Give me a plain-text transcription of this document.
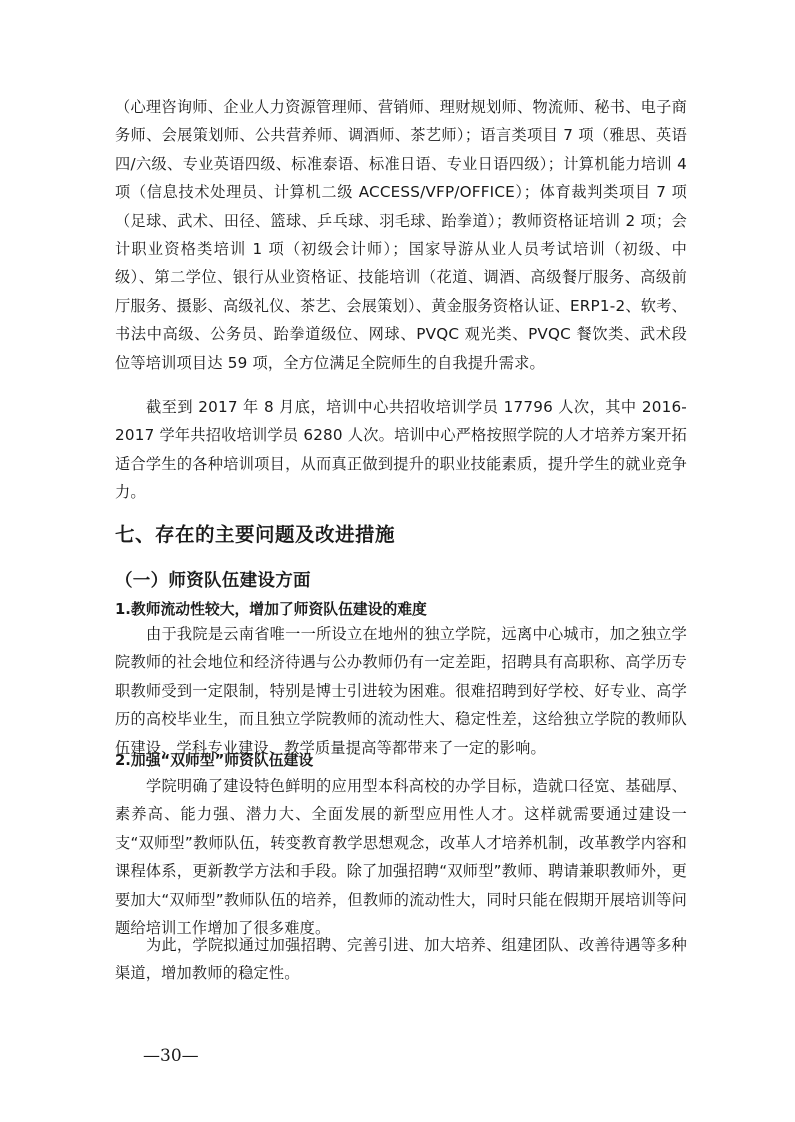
（心理咨询师、企业人力资源管理师、营销师、理财规划师、物流师、秘书、电子商务师、会展策划师、公共营养师、调酒师、茶艺师）；语言类项目 7 项（雅思、英语四/六级、专业英语四级、标准泰语、标准日语、专业日语四级）；计算机能力培训 4 项（信息技术处理员、计算机二级 ACCESS/VFP/OFFICE）；体育裁判类项目 7 项（足球、武术、田径、篮球、乒乓球、羽毛球、跆拳道）；教师资格证培训 2 项；会计职业资格类培训 1 项（初级会计师）；国家导游从业人员考试培训（初级、中级）、第二学位、银行从业资格证、技能培训（花道、调酒、高级餐厅服务、高级前厅服务、摄影、高级礼仪、茶艺、会展策划）、黄金服务资格认证、ERP1-2、软考、书法中高级、公务员、跆拳道级位、网球、PVQC 观光类、PVQC 餐饮类、武术段位等培训项目达 59 项，全方位满足全院师生的自我提升需求。

截至到 2017 年 8 月底，培训中心共招收培训学员 17796 人次，其中 2016-2017 学年共招收培训学员 6280 人次。培训中心严格按照学院的人才培养方案开拓适合学生的各种培训项目，从而真正做到提升的职业技能素质，提升学生的就业竞争力。

七、存在的主要问题及改进措施

（一）师资队伍建设方面

1.教师流动性较大，增加了师资队伍建设的难度

由于我院是云南省唯一一所设立在地州的独立学院，远离中心城市，加之独立学院教师的社会地位和经济待遇与公办教师仍有一定差距，招聘具有高职称、高学历专职教师受到一定限制，特别是博士引进较为困难。很难招聘到好学校、好专业、高学历的高校毕业生，而且独立学院教师的流动性大、稳定性差，这给独立学院的教师队伍建设、学科专业建设、教学质量提高等都带来了一定的影响。

2.加强“双师型”师资队伍建设

学院明确了建设特色鲜明的应用型本科高校的办学目标，造就口径宽、基础厚、素养高、能力强、潜力大、全面发展的新型应用性人才。这样就需要通过建设一支“双师型”教师队伍，转变教育教学思想观念，改革人才培养机制，改革教学内容和课程体系，更新教学方法和手段。除了加强招聘“双师型”教师、聘请兼职教师外，更要加大“双师型”教师队伍的培养，但教师的流动性大，同时只能在假期开展培训等问题给培训工作增加了很多难度。

为此，学院拟通过加强招聘、完善引进、加大培养、组建团队、改善待遇等多种渠道，增加教师的稳定性。

—30—
